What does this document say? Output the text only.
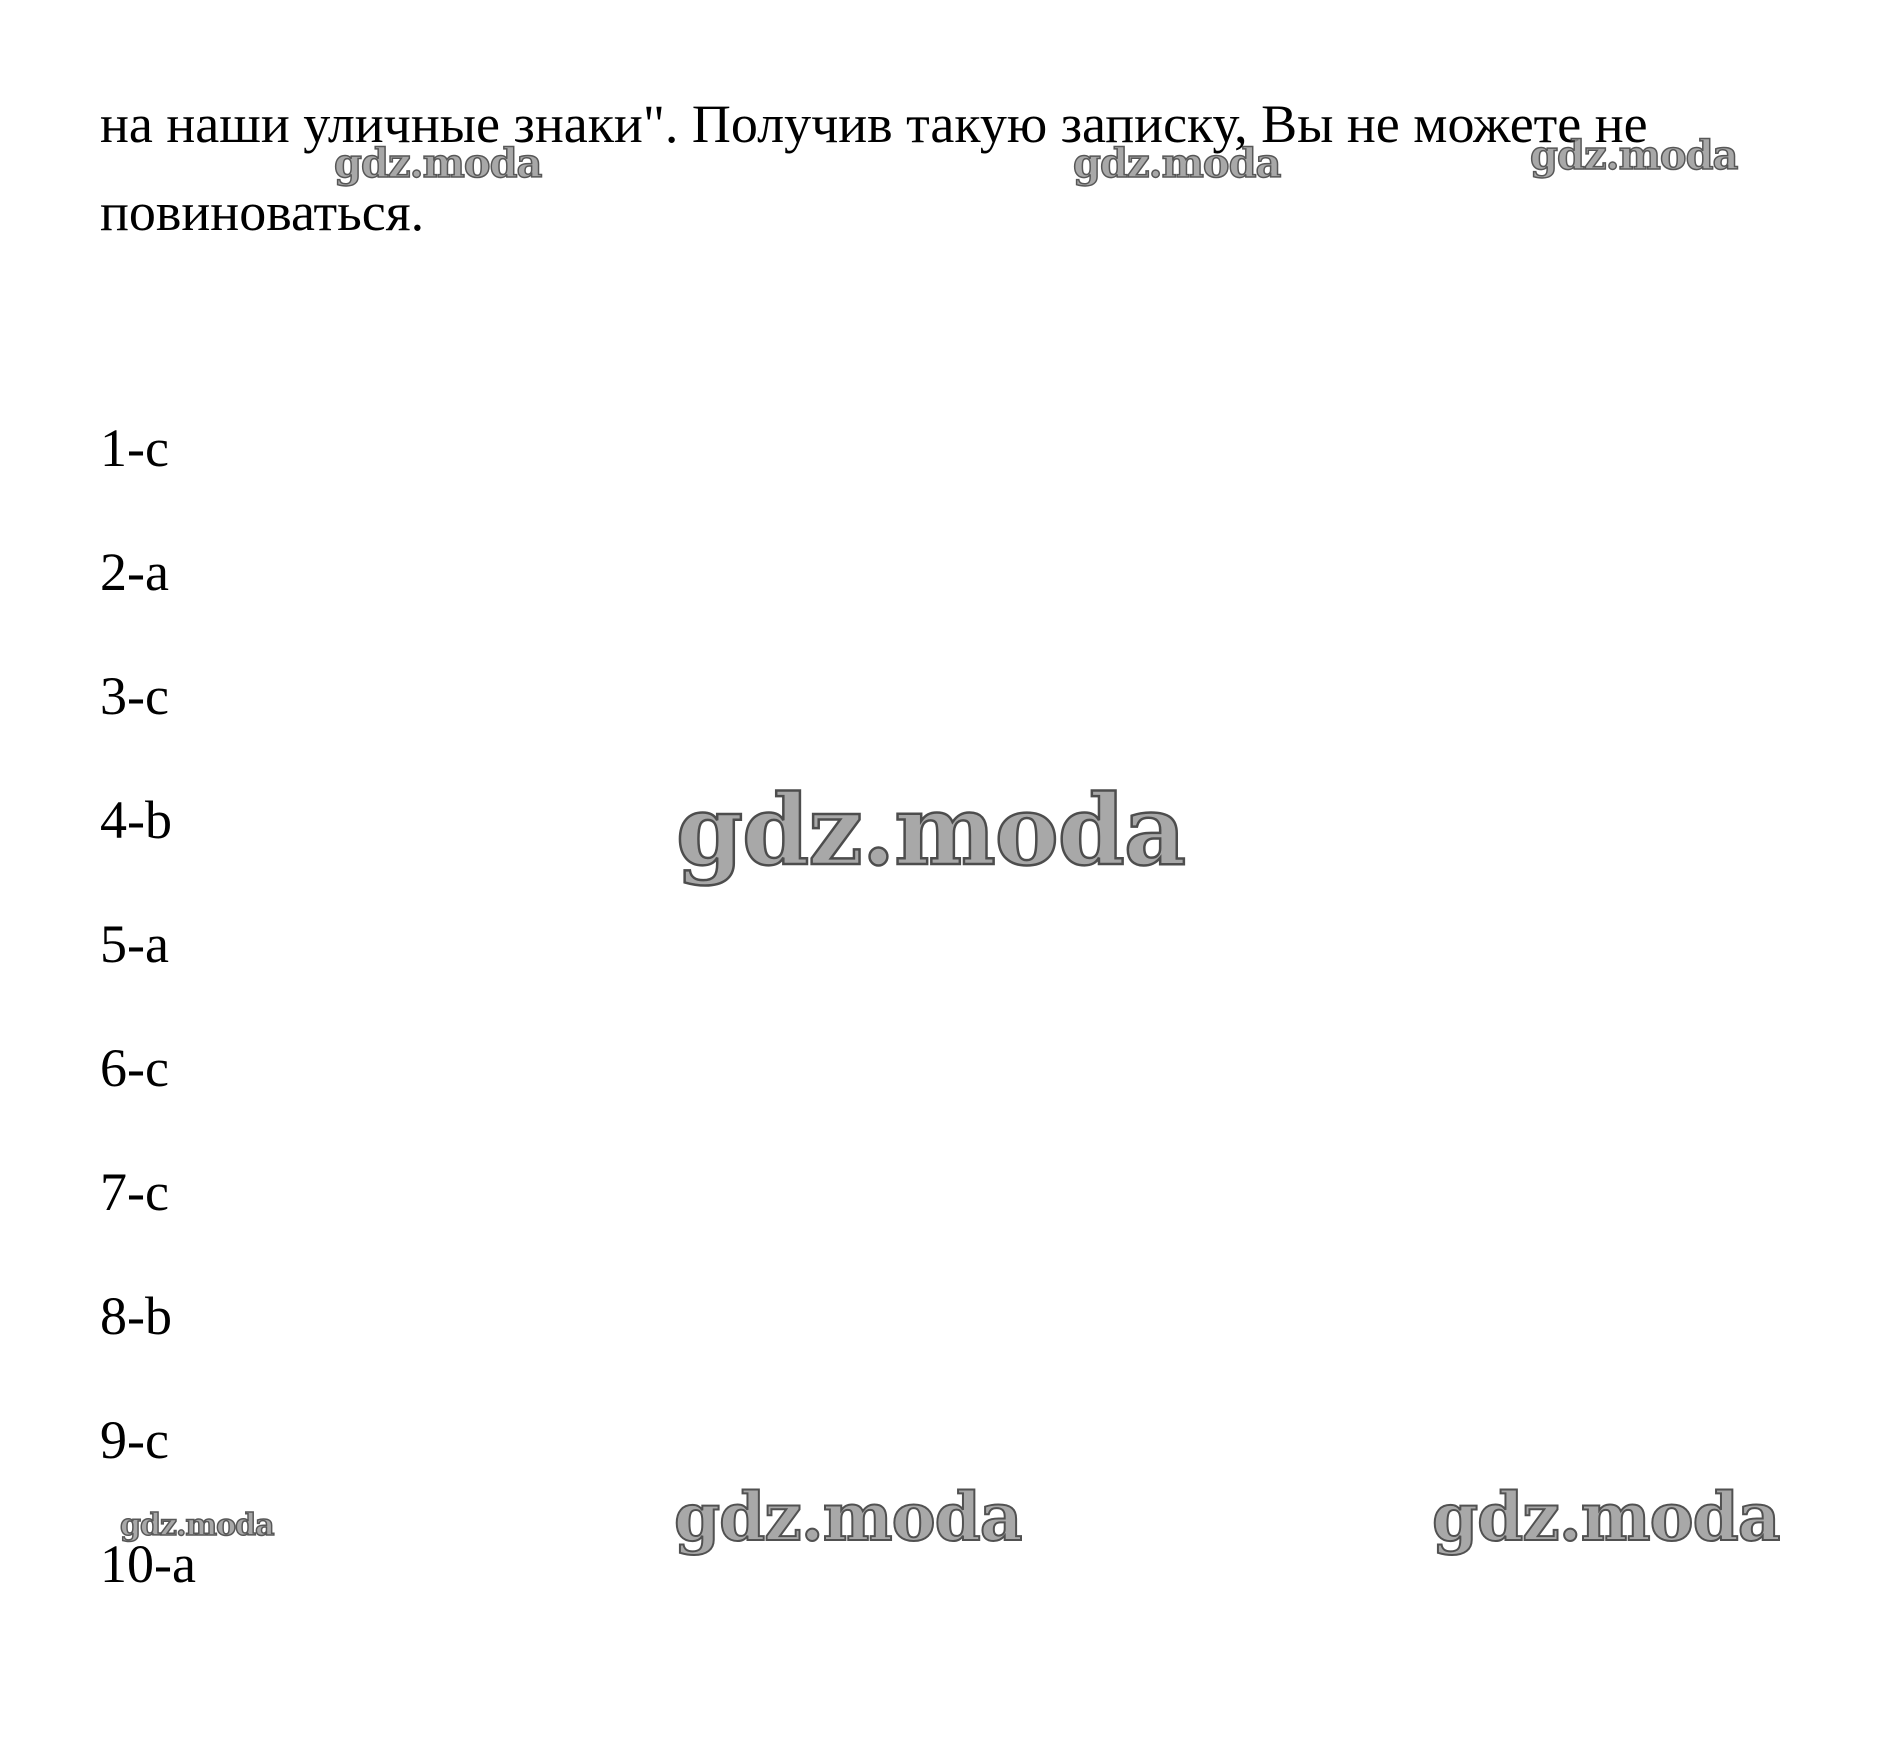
на наши уличные знаки". Получив такую записку, Вы не можете не
повиноваться.

1-c

2-a

3-c

4-b

5-a

6-c

7-c

8-b

9-c

10-a

gdz.moda	gdz.moda	gdz.moda
gdz.moda
gdz.moda	gdz.moda	gdz.moda
